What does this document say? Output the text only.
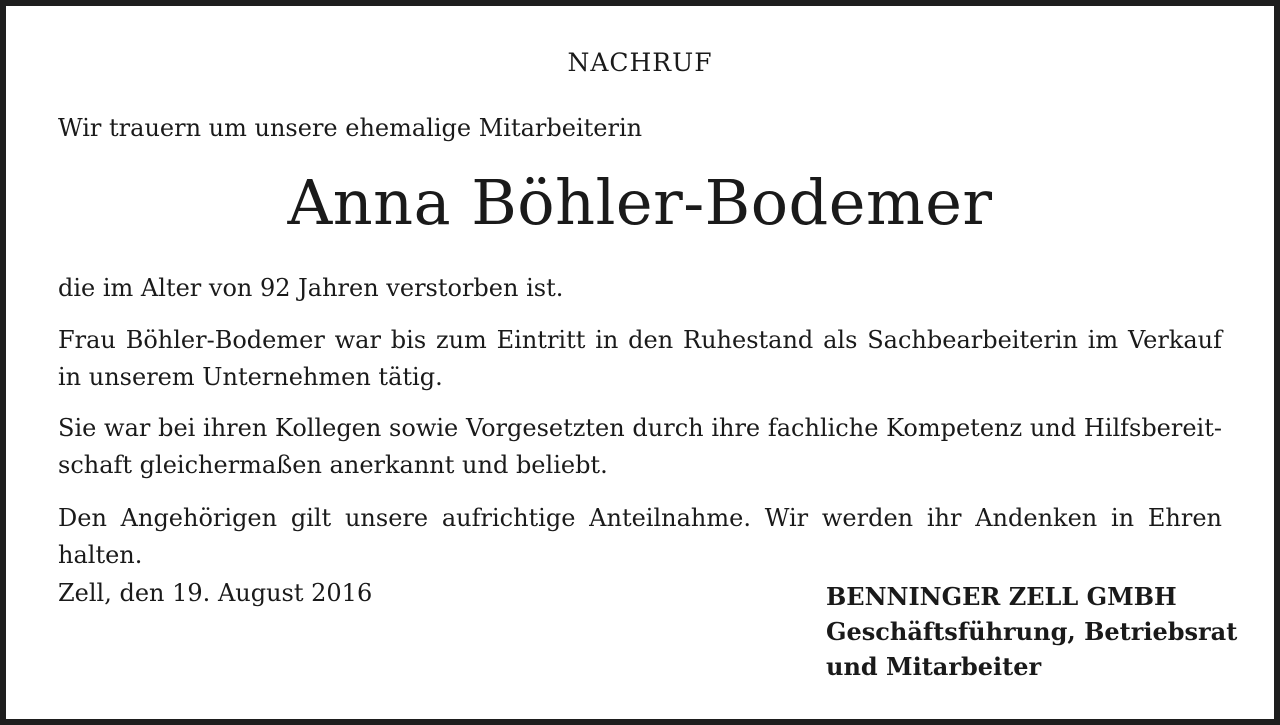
NACHRUF
Wir trauern um unsere ehemalige Mitarbeiterin
Anna Böhler-Bodemer
die im Alter von 92 Jahren verstorben ist.
Frau Böhler-Bodemer war bis zum Eintritt in den Ruhestand als Sachbearbeiterin im Verkauf in unserem Unternehmen tätig.
Sie war bei ihren Kollegen sowie Vorgesetzten durch ihre fachliche Kompetenz und Hilfsbereit-schaft gleichermaßen anerkannt und beliebt.
Den Angehörigen gilt unsere aufrichtige Anteilnahme. Wir werden ihr Andenken in Ehren halten.
Zell, den 19. August 2016	BENNINGER ZELL GMBH
Geschäftsführung, Betriebsrat
und Mitarbeiter
